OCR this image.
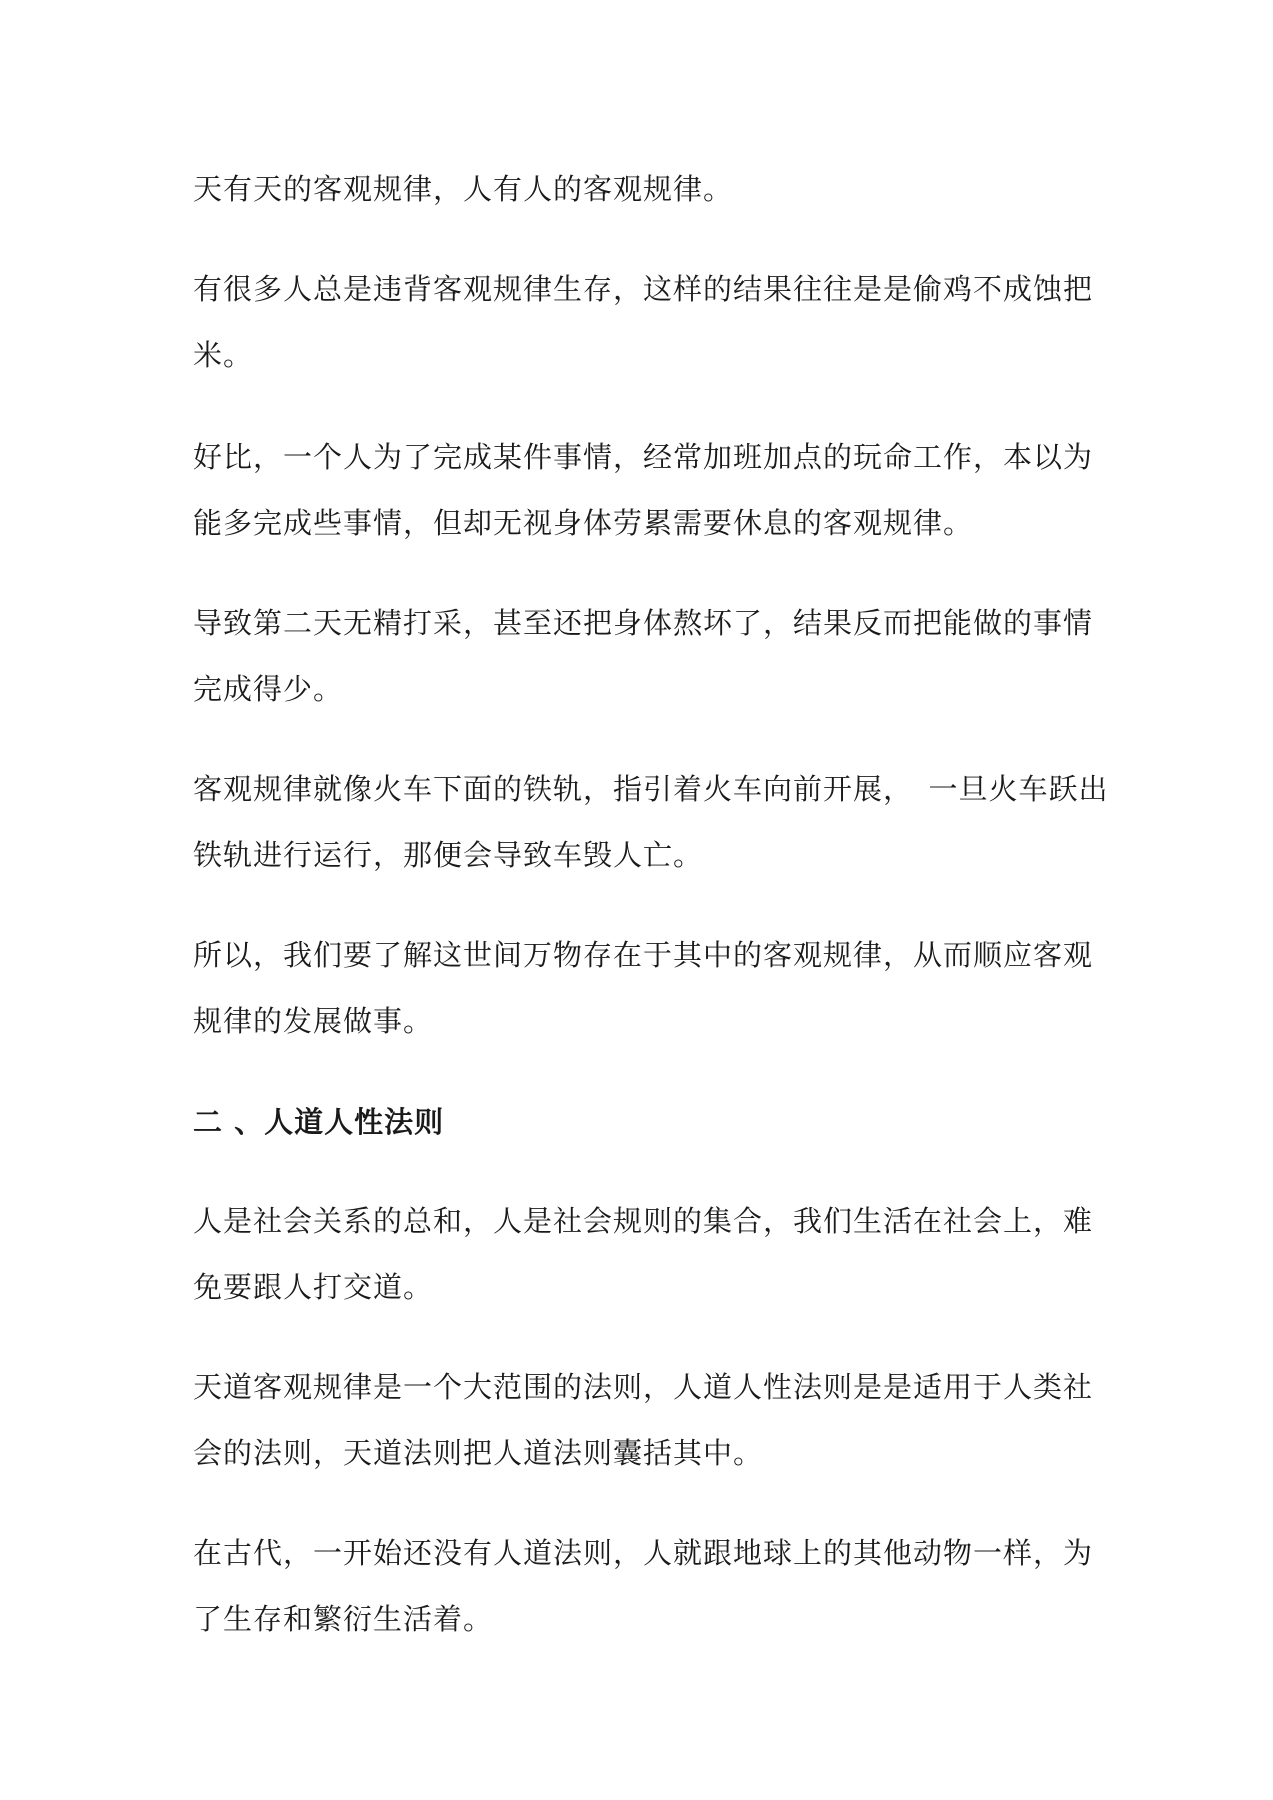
天有天的客观规律，人有人的客观规律。

有很多人总是违背客观规律生存，这样的结果往往是是偷鸡不成蚀把
米。

好比，一个人为了完成某件事情，经常加班加点的玩命工作，本以为
能多完成些事情，但却无视身体劳累需要休息的客观规律。

导致第二天无精打采，甚至还把身体熬坏了，结果反而把能做的事情
完成得少。

客观规律就像火车下面的铁轨，指引着火车向前开展，　一旦火车跃出
铁轨进行运行，那便会导致车毁人亡。

所以，我们要了解这世间万物存在于其中的客观规律，从而顺应客观
规律的发展做事。

二 、人道人性法则

人是社会关系的总和，人是社会规则的集合，我们生活在社会上，难
免要跟人打交道。

天道客观规律是一个大范围的法则，人道人性法则是是适用于人类社
会的法则，天道法则把人道法则囊括其中。

在古代，一开始还没有人道法则，人就跟地球上的其他动物一样，为
了生存和繁衍生活着。
